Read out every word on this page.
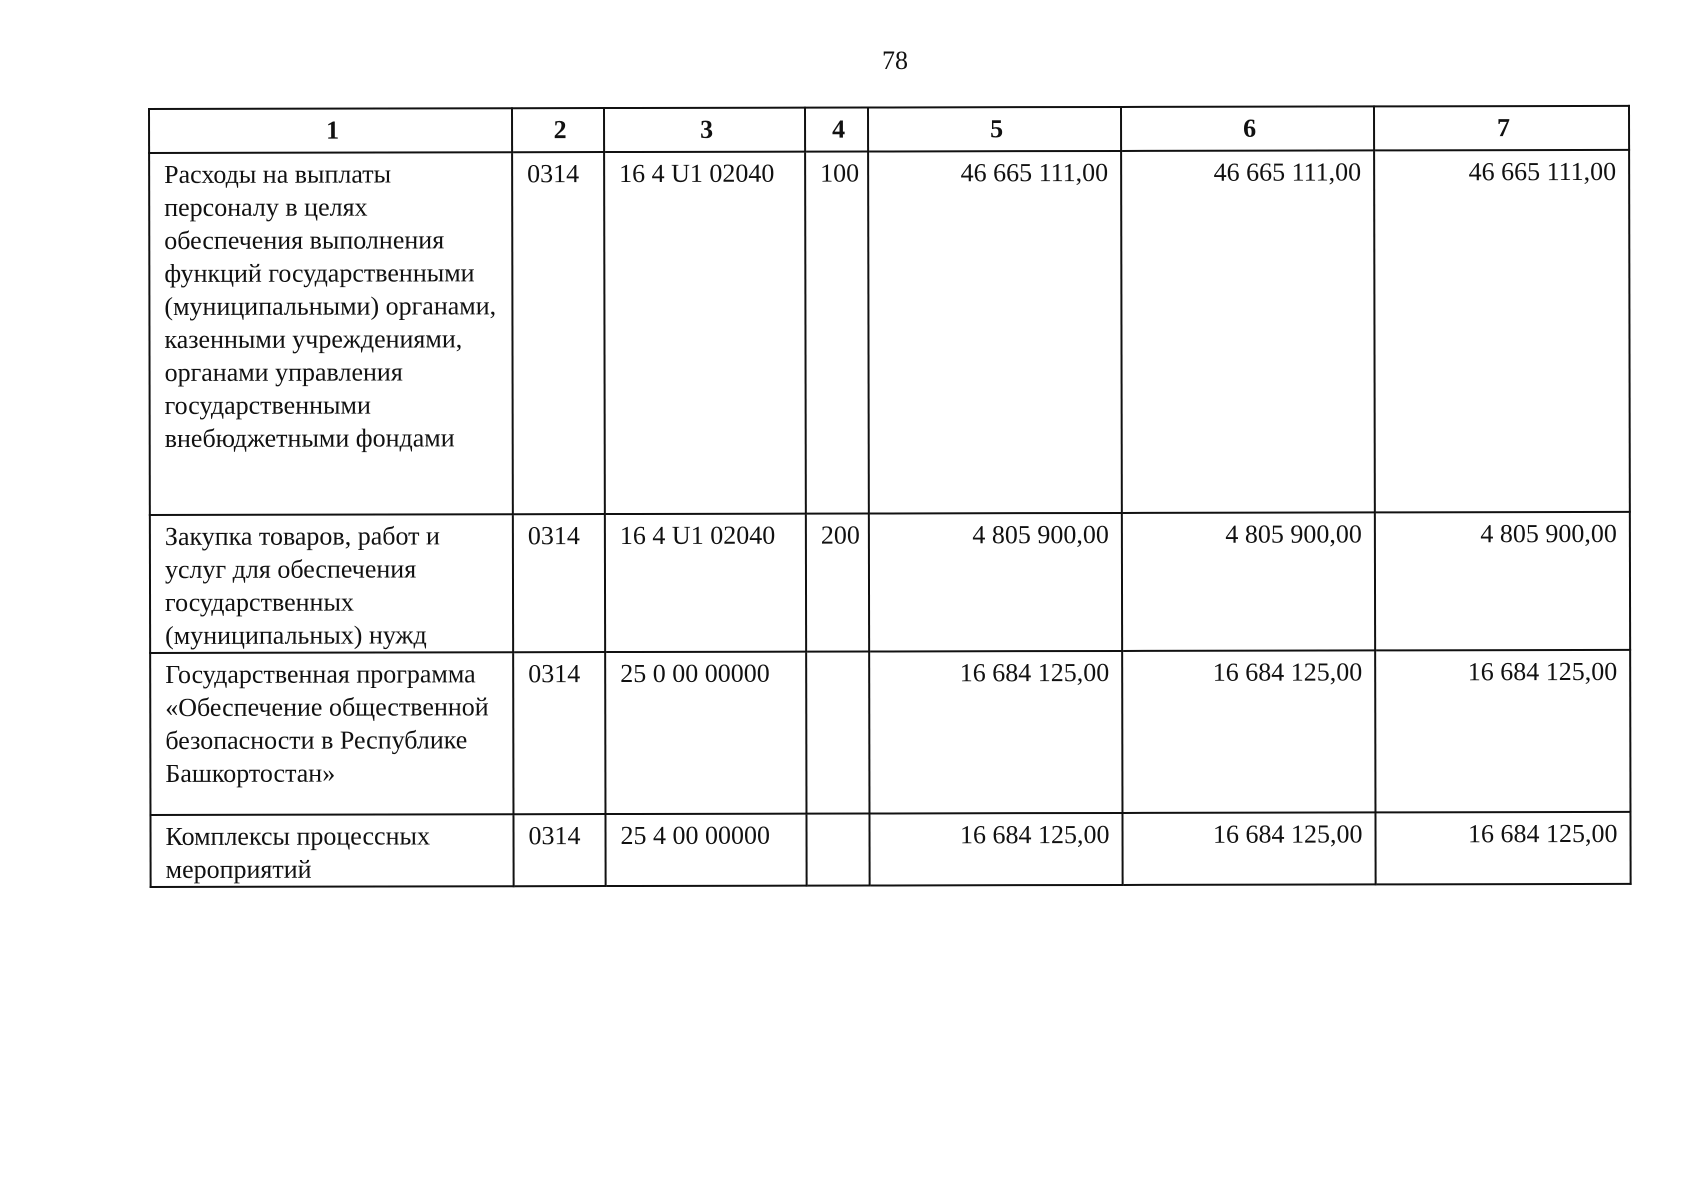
78
1	2	3	4	5	6	7
Расходы на выплаты персоналу в целях обеспечения выполнения функций государственными (муниципальными) органами, казенными учреждениями, органами управления государственными внебюджетными фондами	0314	16 4 U1 02040	100	46 665 111,00	46 665 111,00	46 665 111,00
Закупка товаров, работ и услуг для обеспечения государственных (муниципальных) нужд	0314	16 4 U1 02040	200	4 805 900,00	4 805 900,00	4 805 900,00
Государственная программа «Обеспечение общественной безопасности в Республике Башкортостан»	0314	25 0 00 00000		16 684 125,00	16 684 125,00	16 684 125,00
Комплексы процессных мероприятий	0314	25 4 00 00000		16 684 125,00	16 684 125,00	16 684 125,00
